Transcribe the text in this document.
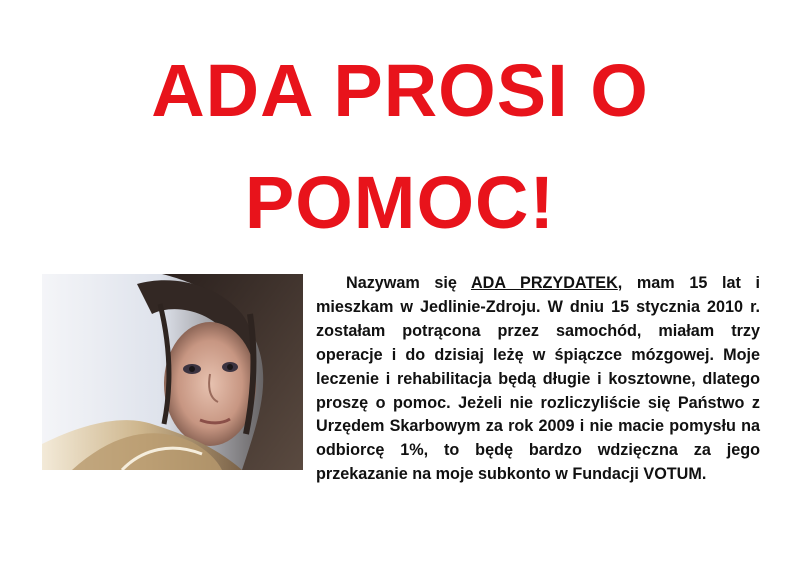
ADA PROSI O
POMOC!

Nazywam się ADA PRZYDATEK, mam 15 lat i mieszkam w Jedlinie-Zdroju. W dniu 15 stycznia 2010 r. zostałam potrącona przez samochód, miałam trzy operacje i do dzisiaj leżę w śpiączce mózgowej. Moje leczenie i rehabilitacja będą długie i kosztowne, dlatego proszę o pomoc. Jeżeli nie rozliczyliście się Państwo z Urzędem Skarbowym za rok 2009 i nie macie pomysłu na odbiorcę 1%, to będę bardzo wdzięczna za jego przekazanie na moje subkonto w Fundacji VOTUM.
